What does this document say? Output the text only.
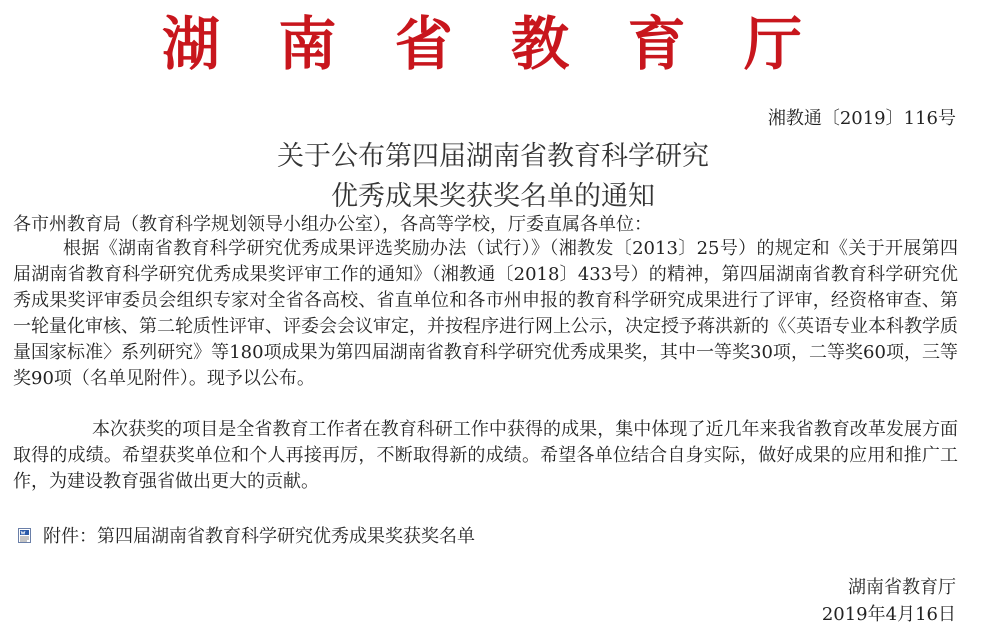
湖 南 省 教 育 厅
湘教通〔2019〕116号
关于公布第四届湖南省教育科学研究
优秀成果奖获奖名单的通知
各市州教育局（教育科学规划领导小组办公室），各高等学校，厅委直属各单位：
根据《湖南省教育科学研究优秀成果评选奖励办法（试行）》（湘教发〔2013〕25号）的规定和《关于开展第四届湖南省教育科学研究优秀成果奖评审工作的通知》（湘教通〔2018〕433号）的精神，第四届湖南省教育科学研究优秀成果奖评审委员会组织专家对全省各高校、省直单位和各市州申报的教育科学研究成果进行了评审，经资格审查、第一轮量化审核、第二轮质性评审、评委会会议审定，并按程序进行网上公示，决定授予蒋洪新的《〈英语专业本科教学质量国家标准〉系列研究》等180项成果为第四届湖南省教育科学研究优秀成果奖，其中一等奖30项，二等奖60项，三等奖90项（名单见附件）。现予以公布。
本次获奖的项目是全省教育工作者在教育科研工作中获得的成果，集中体现了近几年来我省教育改革发展方面取得的成绩。希望获奖单位和个人再接再厉，不断取得新的成绩。希望各单位结合自身实际，做好成果的应用和推广工作，为建设教育强省做出更大的贡献。
附件： 第四届湖南省教育科学研究优秀成果奖获奖名单
湖南省教育厅
2019年4月16日
